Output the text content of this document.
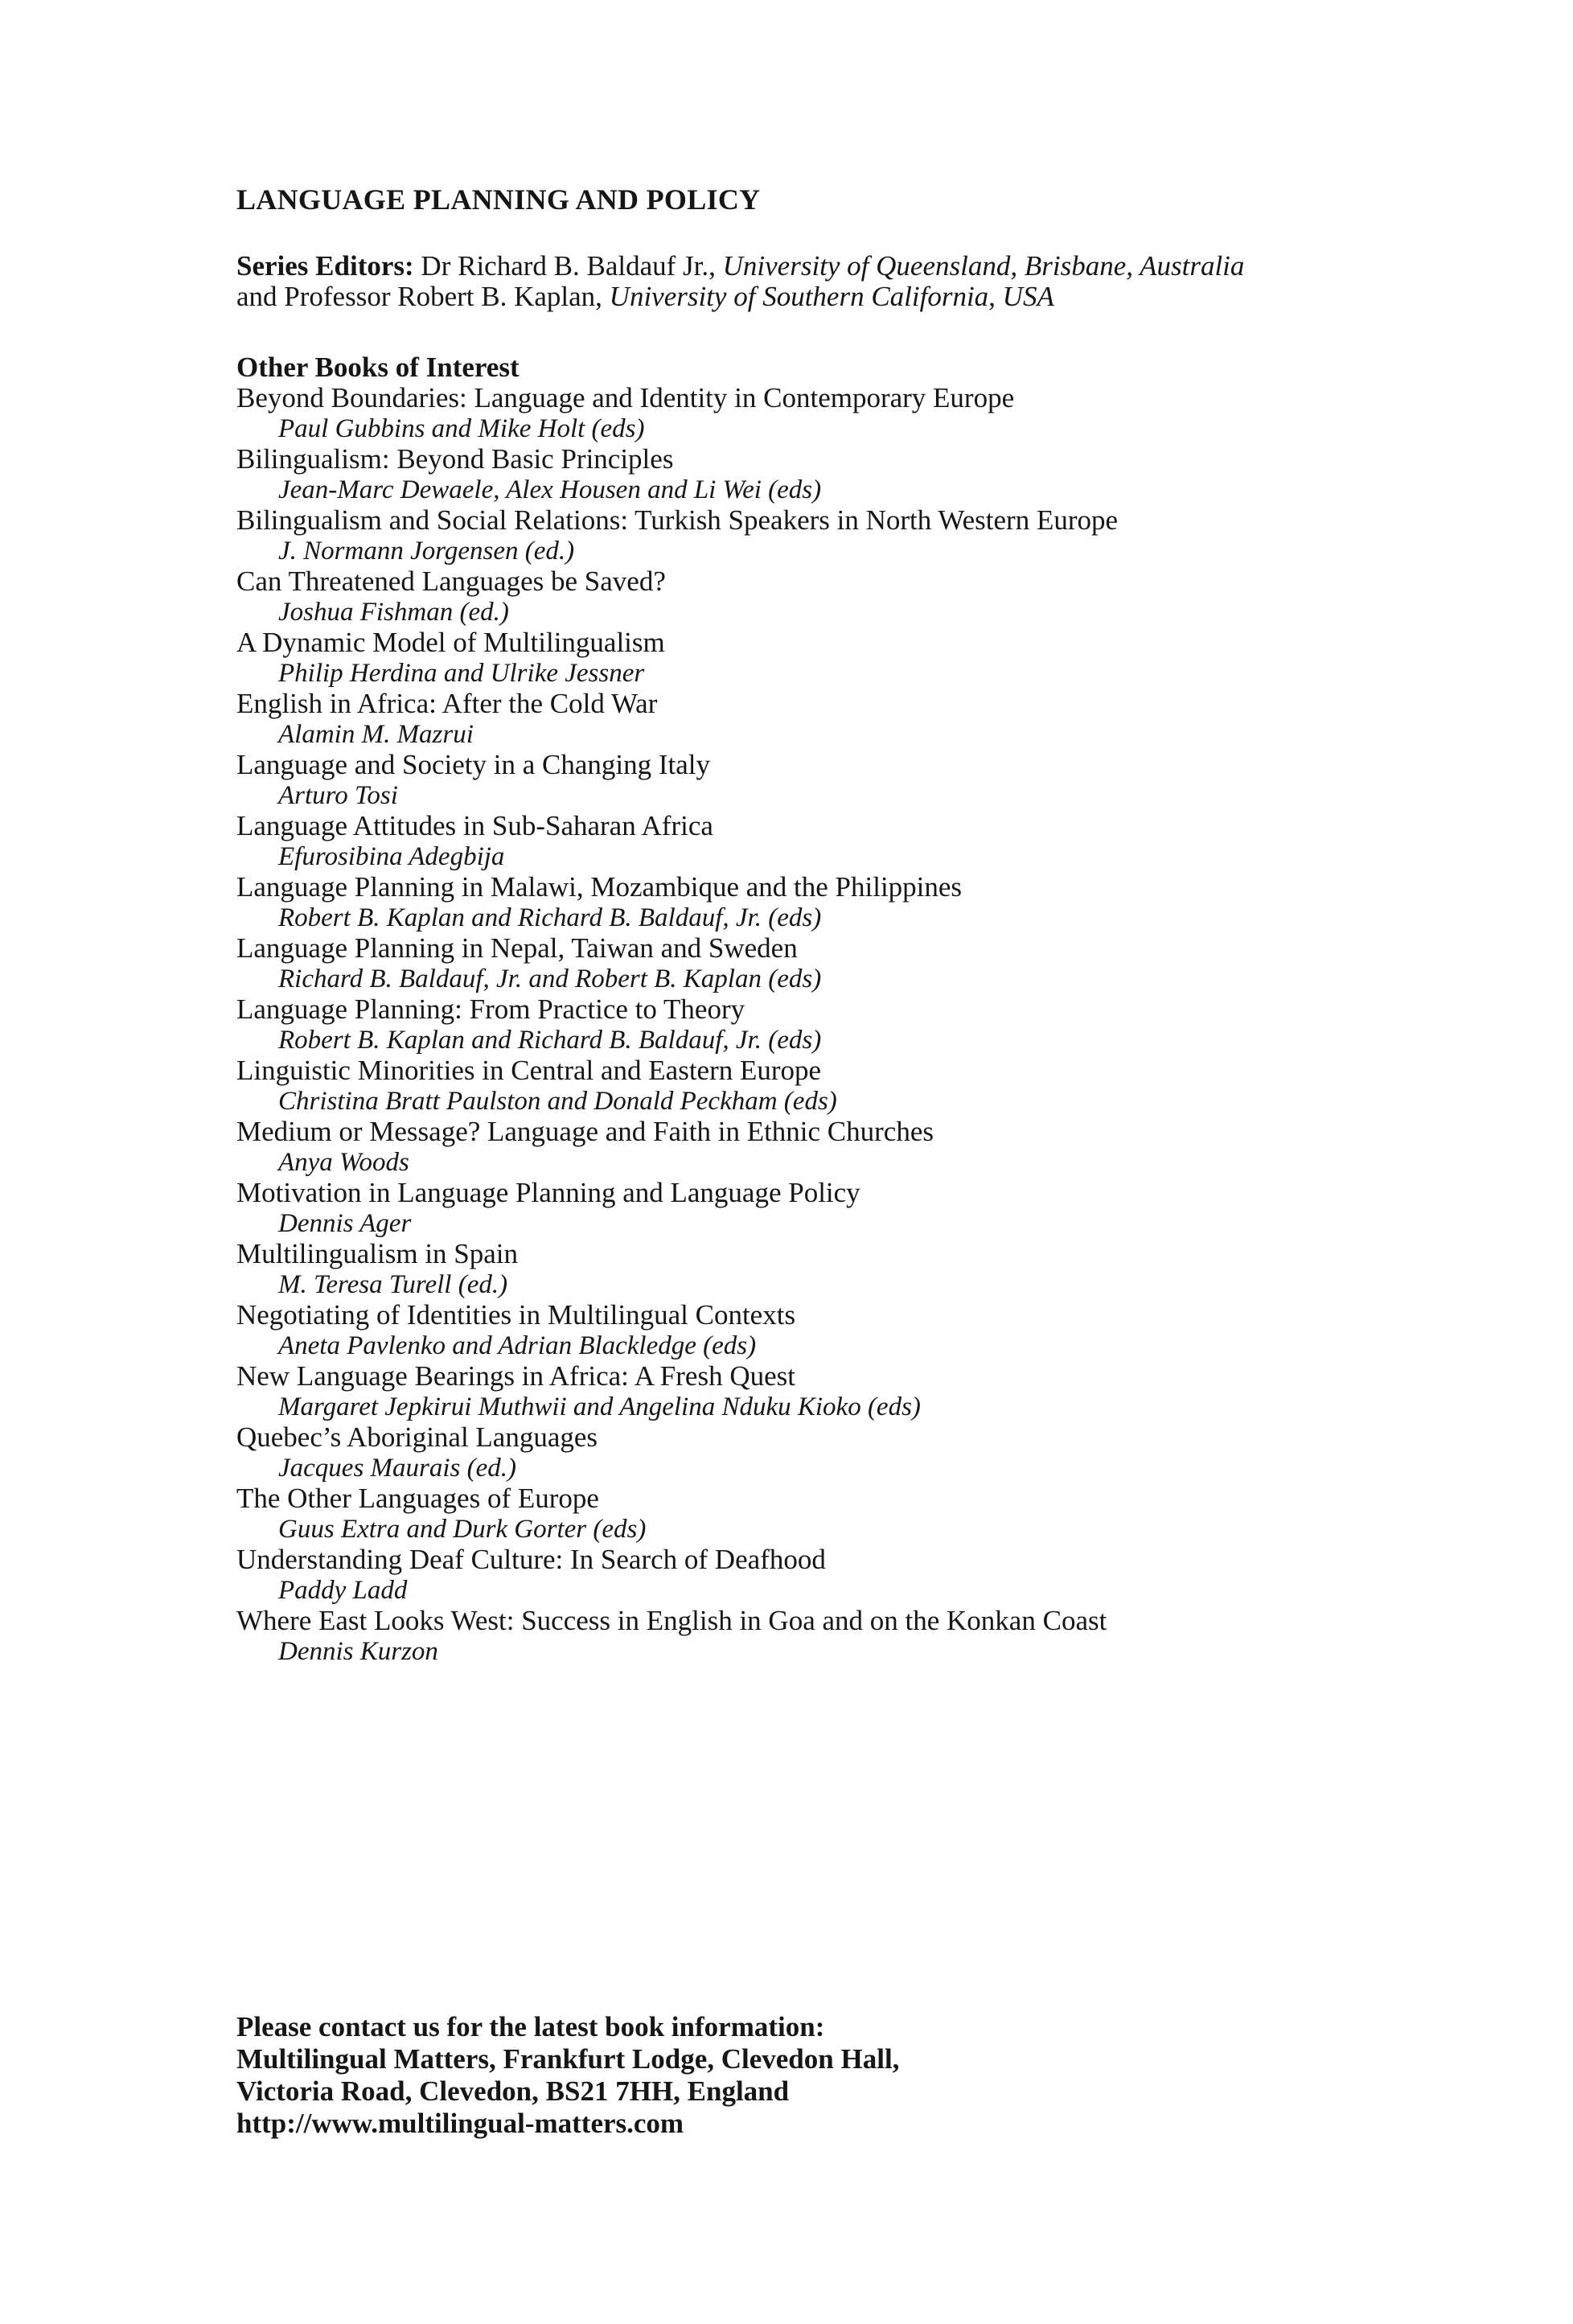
LANGUAGE PLANNING AND POLICY
Series Editors: Dr Richard B. Baldauf Jr., University of Queensland, Brisbane, Australia
and Professor Robert B. Kaplan, University of Southern California, USA
Other Books of Interest
Beyond Boundaries: Language and Identity in Contemporary Europe
Paul Gubbins and Mike Holt (eds)
Bilingualism: Beyond Basic Principles
Jean-Marc Dewaele, Alex Housen and Li Wei (eds)
Bilingualism and Social Relations: Turkish Speakers in North Western Europe
J. Normann Jorgensen (ed.)
Can Threatened Languages be Saved?
Joshua Fishman (ed.)
A Dynamic Model of Multilingualism
Philip Herdina and Ulrike Jessner
English in Africa: After the Cold War
Alamin M. Mazrui
Language and Society in a Changing Italy
Arturo Tosi
Language Attitudes in Sub-Saharan Africa
Efurosibina Adegbija
Language Planning in Malawi, Mozambique and the Philippines
Robert B. Kaplan and Richard B. Baldauf, Jr. (eds)
Language Planning in Nepal, Taiwan and Sweden
Richard B. Baldauf, Jr. and Robert B. Kaplan (eds)
Language Planning: From Practice to Theory
Robert B. Kaplan and Richard B. Baldauf, Jr. (eds)
Linguistic Minorities in Central and Eastern Europe
Christina Bratt Paulston and Donald Peckham (eds)
Medium or Message? Language and Faith in Ethnic Churches
Anya Woods
Motivation in Language Planning and Language Policy
Dennis Ager
Multilingualism in Spain
M. Teresa Turell (ed.)
Negotiating of Identities in Multilingual Contexts
Aneta Pavlenko and Adrian Blackledge (eds)
New Language Bearings in Africa: A Fresh Quest
Margaret Jepkirui Muthwii and Angelina Nduku Kioko (eds)
Quebec’s Aboriginal Languages
Jacques Maurais (ed.)
The Other Languages of Europe
Guus Extra and Durk Gorter (eds)
Understanding Deaf Culture: In Search of Deafhood
Paddy Ladd
Where East Looks West: Success in English in Goa and on the Konkan Coast
Dennis Kurzon
Please contact us for the latest book information:
Multilingual Matters, Frankfurt Lodge, Clevedon Hall,
Victoria Road, Clevedon, BS21 7HH, England
http://www.multilingual-matters.com
